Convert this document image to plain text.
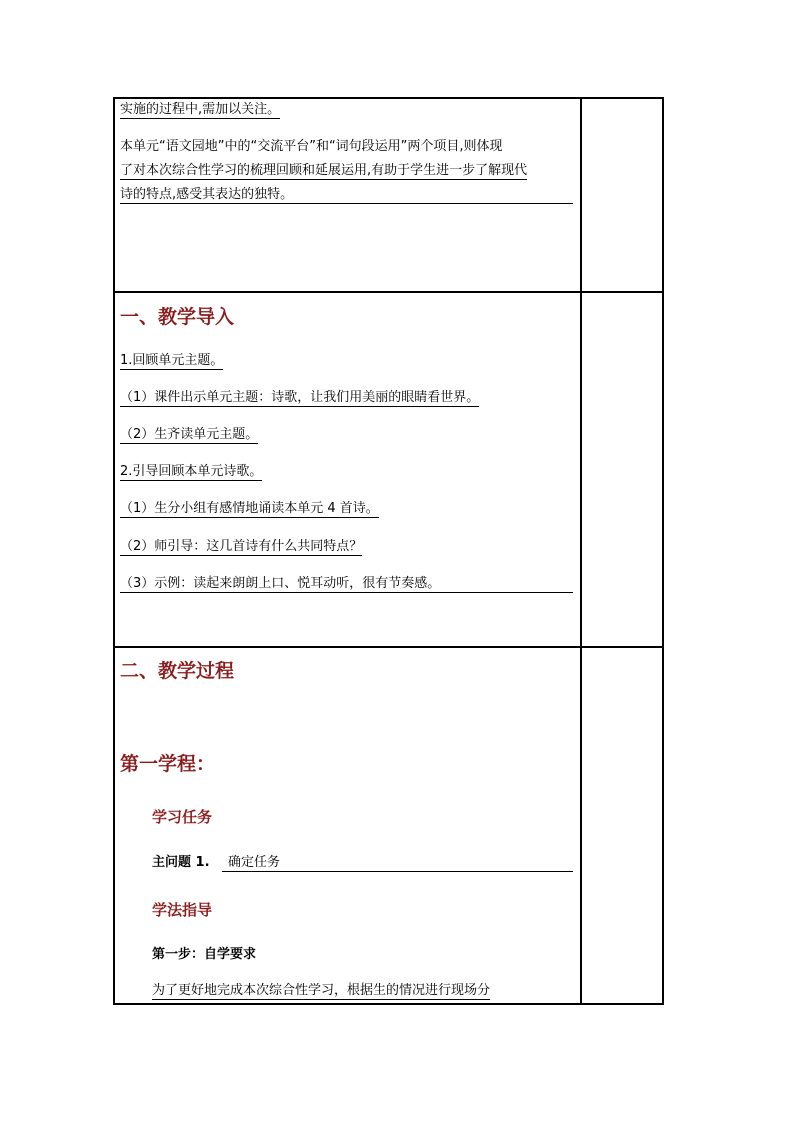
实施的过程中,需加以关注。
本单元“语文园地”中的“交流平台”和“词句段运用”两个项目,则体现
了对本次综合性学习的梳理回顾和延展运用,有助于学生进一步了解现代
诗的特点,感受其表达的独特。
一、教学导入
1.回顾单元主题。
（1）课件出示单元主题：诗歌，让我们用美丽的眼睛看世界。
（2）生齐读单元主题。
2.引导回顾本单元诗歌。
（1）生分小组有感情地诵读本单元 4 首诗。
（2）师引导：这几首诗有什么共同特点？
（3）示例：读起来朗朗上口、悦耳动听，很有节奏感。
二、教学过程
第一学程：
学习任务
主问题 1. 确定任务
学法指导
第一步：自学要求
为了更好地完成本次综合性学习，根据生的情况进行现场分
